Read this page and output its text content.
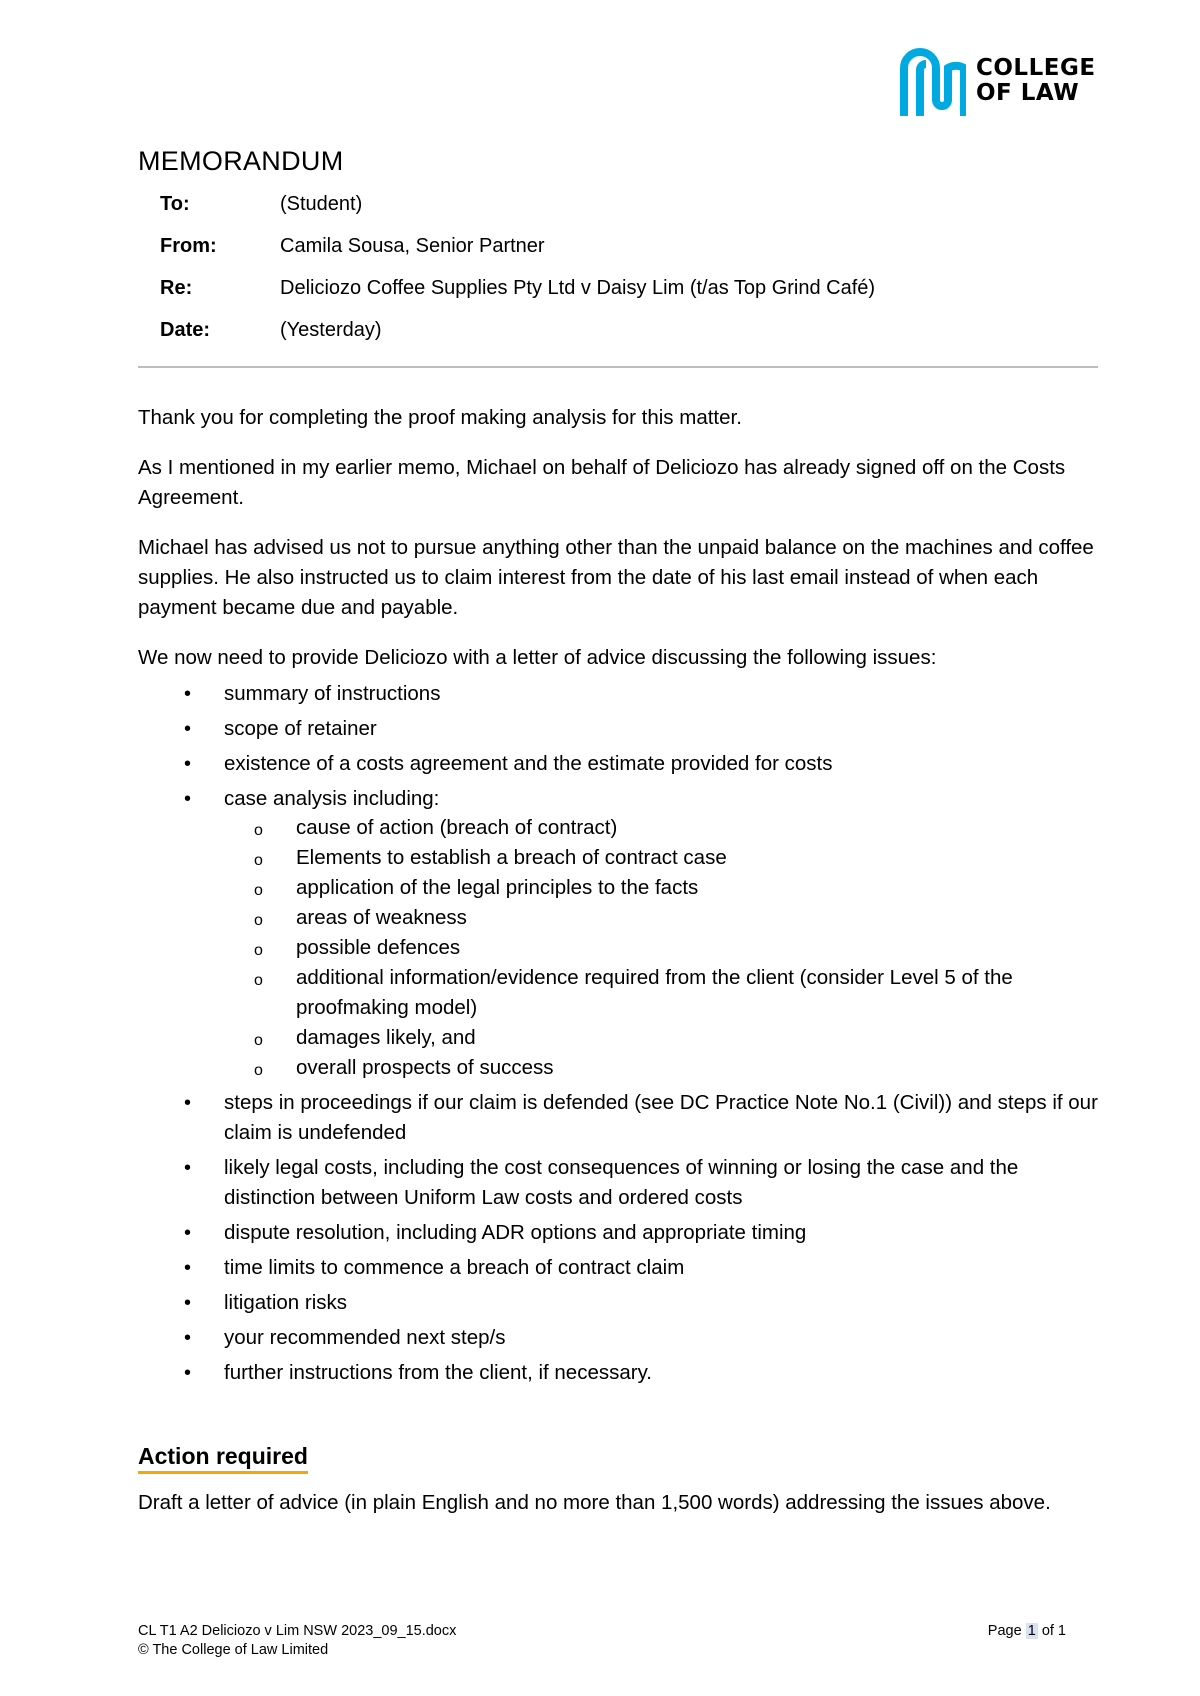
COLLEGE
OF LAW
MEMORANDUM
To:	(Student)
From:	Camila Sousa, Senior Partner
Re:	Deliciozo Coffee Supplies Pty Ltd v Daisy Lim (t/as Top Grind Café)
Date:	(Yesterday)

Thank you for completing the proof making analysis for this matter.

As I mentioned in my earlier memo, Michael on behalf of Deliciozo has already signed off on the Costs Agreement.

Michael has advised us not to pursue anything other than the unpaid balance on the machines and coffee supplies. He also instructed us to claim interest from the date of his last email instead of when each payment became due and payable.

We now need to provide Deliciozo with a letter of advice discussing the following issues:

• summary of instructions
• scope of retainer
• existence of a costs agreement and the estimate provided for costs
• case analysis including:
o cause of action (breach of contract)
o Elements to establish a breach of contract case
o application of the legal principles to the facts
o areas of weakness
o possible defences
o additional information/evidence required from the client (consider Level 5 of the proofmaking model)
o damages likely, and
o overall prospects of success
• steps in proceedings if our claim is defended (see DC Practice Note No.1 (Civil)) and steps if our claim is undefended
• likely legal costs, including the cost consequences of winning or losing the case and the distinction between Uniform Law costs and ordered costs
• dispute resolution, including ADR options and appropriate timing
• time limits to commence a breach of contract claim
• litigation risks
• your recommended next step/s
• further instructions from the client, if necessary.
Action required
Draft a letter of advice (in plain English and no more than 1,500 words) addressing the issues above.
CL T1 A2 Deliciozo v Lim NSW 2023_09_15.docx
© The College of Law Limited
Page 1 of 1
